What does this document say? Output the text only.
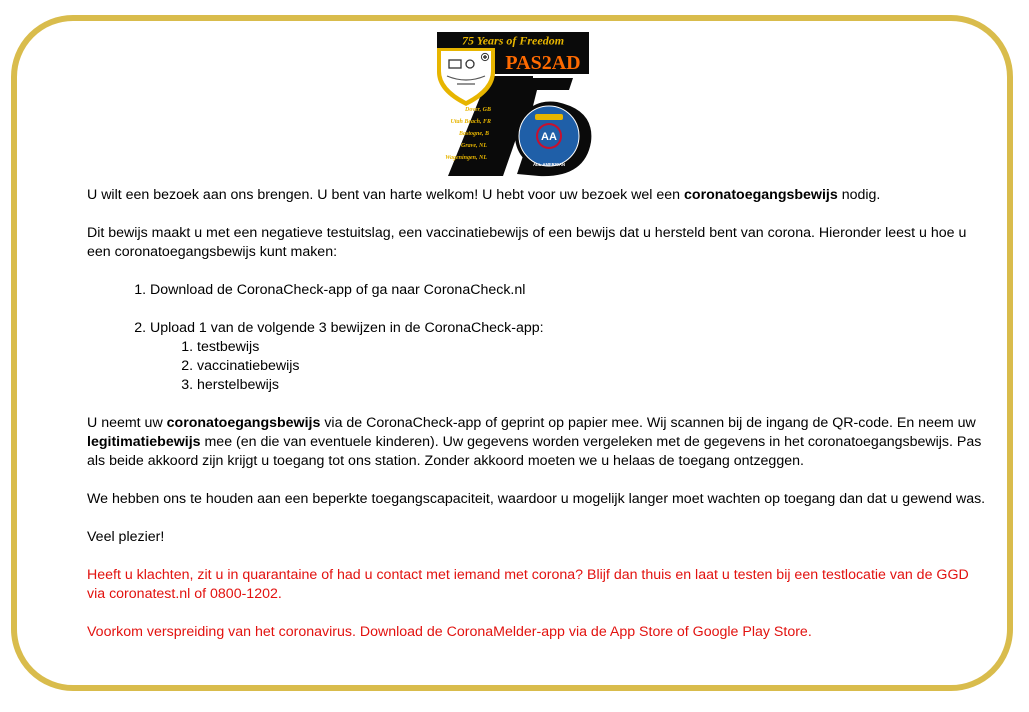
75 Years of Freedom
PAS2AD
Dover, GB
Utah Beach, FR
Bastogne, B
Grave, NL
Wageningen, NL
AA
ALL-AMERICAN

U wilt een bezoek aan ons brengen. U bent van harte welkom! U hebt voor uw bezoek wel een coronatoegangsbewijs nodig.

Dit bewijs maakt u met een negatieve testuitslag, een vaccinatiebewijs of een bewijs dat u hersteld bent van corona. Hieronder leest u hoe u een coronatoegangsbewijs kunt maken:

1. Download de CoronaCheck-app of ga naar CoronaCheck.nl
2. Upload 1 van de volgende 3 bewijzen in de CoronaCheck-app:
1. testbewijs
2. vaccinatiebewijs
3. herstelbewijs

U neemt uw coronatoegangsbewijs via de CoronaCheck-app of geprint op papier mee. Wij scannen bij de ingang de QR-code. En neem uw legitimatiebewijs mee (en die van eventuele kinderen). Uw gegevens worden vergeleken met de gegevens in het coronatoegangsbewijs. Pas als beide akkoord zijn krijgt u toegang tot ons station. Zonder akkoord moeten we u helaas de toegang ontzeggen.

We hebben ons te houden aan een beperkte toegangscapaciteit, waardoor u mogelijk langer moet wachten op toegang dan dat u gewend was.

Veel plezier!

Heeft u klachten, zit u in quarantaine of had u contact met iemand met corona? Blijf dan thuis en laat u testen bij een testlocatie van de GGD via coronatest.nl of 0800-1202.

Voorkom verspreiding van het coronavirus. Download de CoronaMelder-app via de App Store of Google Play Store.
